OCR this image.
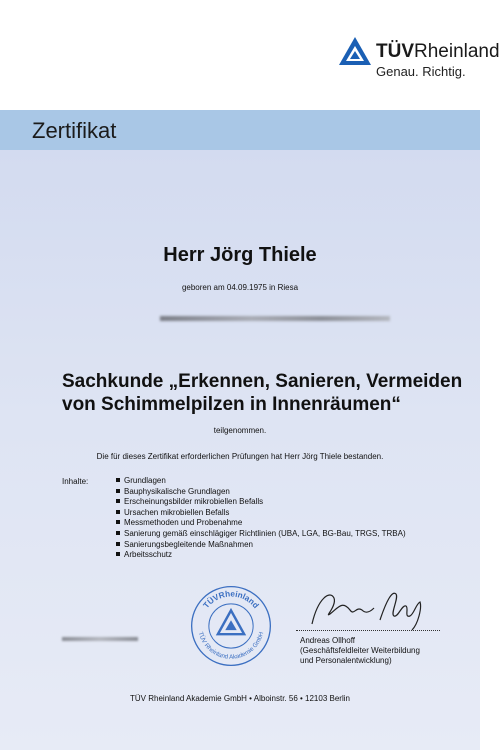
TÜVRheinland
Genau. Richtig.
Zertifikat
Herr Jörg Thiele
geboren am 04.09.1975 in Riesa
Sachkunde „Erkennen, Sanieren, Vermeiden
von Schimmelpilzen in Innenräumen“
teilgenommen.
Die für dieses Zertifikat erforderlichen Prüfungen hat Herr Jörg Thiele bestanden.
Inhalte:	Grundlagen
Bauphysikalische Grundlagen
Erscheinungsbilder mikrobiellen Befalls
Ursachen mikrobiellen Befalls
Messmethoden und Probenahme
Sanierung gemäß einschlägiger Richtlinien (UBA, LGA, BG-Bau, TRGS, TRBA)
Sanierungsbegleitende Maßnahmen
Arbeitsschutz
TÜVRheinland
TÜV Rheinland Akademie GmbH
Andreas Ollhoff
(Geschäftsfeldleiter Weiterbildung
und Personalentwicklung)
TÜV Rheinland Akademie GmbH • Alboinstr. 56 • 12103 Berlin
